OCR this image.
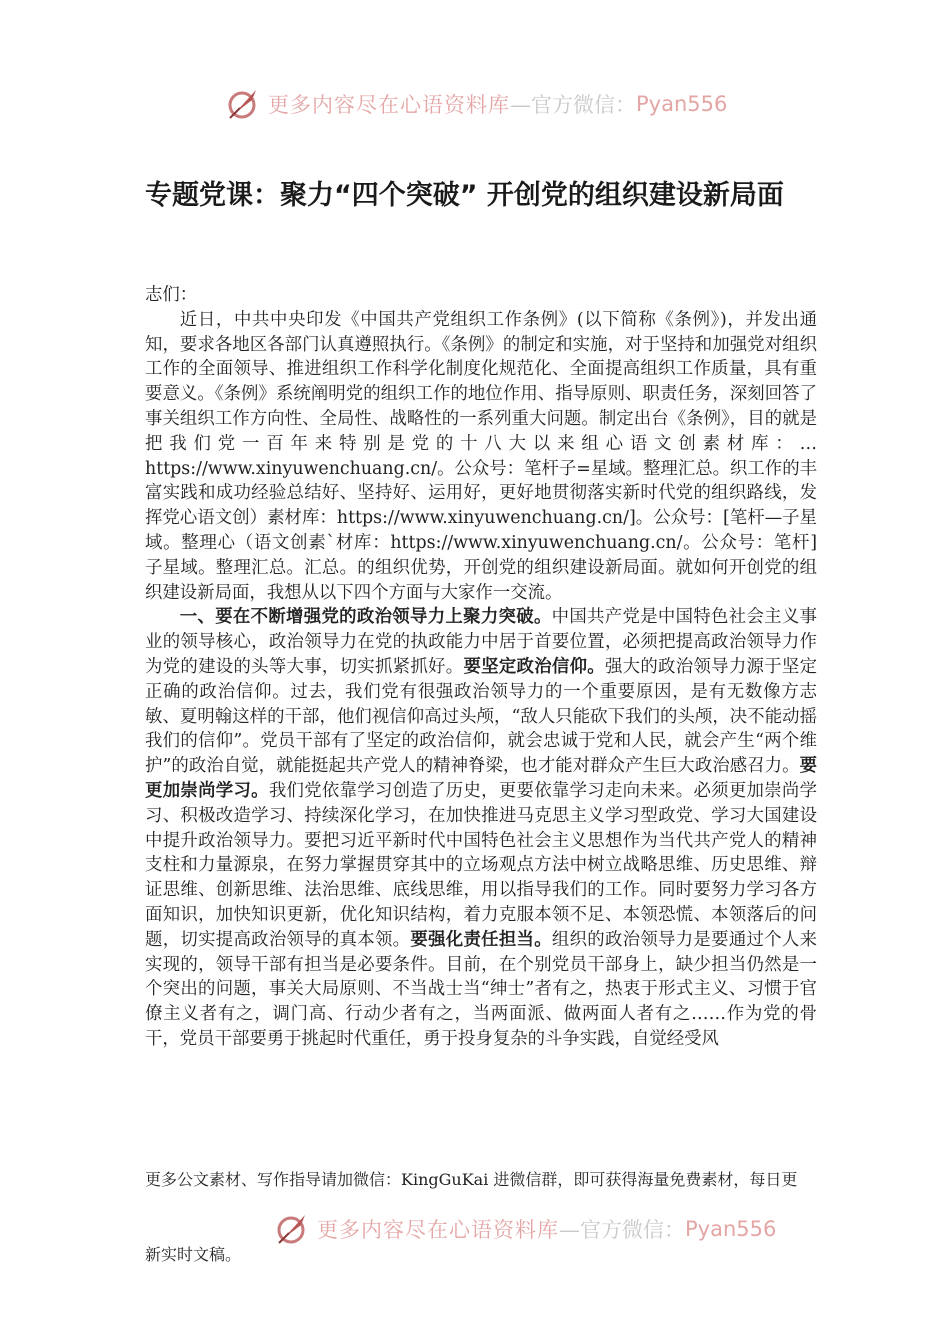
更多内容尽在心语资料库 —官方微信： Pyan556
专题党课：聚力“四个突破” 开创党的组织建设新局面

志们：

近日，中共中央印发《中国共产党组织工作条例》(以下简称《条例》)，并发出通知，要求各地区各部门认真遵照执行。《条例》的制定和实施，对于坚持和加强党对组织工作的全面领导、推进组织工作科学化制度化规范化、全面提高组织工作质量，具有重要意义。《条例》系统阐明党的组织工作的地位作用、指导原则、职责任务，深刻回答了事关组织工作方向性、全局性、战略性的一系列重大问题。制定出台《条例》，目的就是把我们党一百年来特别是党的十八大以来组心语文创素材库：…https://www.xinyuwenchuang.cn/。公众号：笔杆子=星域。整理汇总。织工作的丰富实践和成功经验总结好、坚持好、运用好，更好地贯彻落实新时代党的组织路线，发挥党心语文创）素材库：https://www.xinyuwenchuang.cn/]。公众号：[笔杆—子星域。整理心（语文创素`材库：https://www.xinyuwenchuang.cn/。公众号：笔杆]子星域。整理汇总。汇总。的组织优势，开创党的组织建设新局面。就如何开创党的组织建设新局面，我想从以下四个方面与大家作一交流。

一、要在不断增强党的政治领导力上聚力突破。中国共产党是中国特色社会主义事业的领导核心，政治领导力在党的执政能力中居于首要位置，必须把提高政治领导力作为党的建设的头等大事，切实抓紧抓好。要坚定政治信仰。强大的政治领导力源于坚定正确的政治信仰。过去，我们党有很强政治领导力的一个重要原因，是有无数像方志敏、夏明翰这样的干部，他们视信仰高过头颅，“敌人只能砍下我们的头颅，决不能动摇我们的信仰”。党员干部有了坚定的政治信仰，就会忠诚于党和人民，就会产生“两个维护”的政治自觉，就能挺起共产党人的精神脊梁，也才能对群众产生巨大政治感召力。要更加崇尚学习。我们党依靠学习创造了历史，更要依靠学习走向未来。必须更加崇尚学习、积极改造学习、持续深化学习，在加快推进马克思主义学习型政党、学习大国建设中提升政治领导力。要把习近平新时代中国特色社会主义思想作为当代共产党人的精神支柱和力量源泉，在努力掌握贯穿其中的立场观点方法中树立战略思维、历史思维、辩证思维、创新思维、法治思维、底线思维，用以指导我们的工作。同时要努力学习各方面知识，加快知识更新，优化知识结构，着力克服本领不足、本领恐慌、本领落后的问题，切实提高政治领导的真本领。要强化责任担当。组织的政治领导力是要通过个人来实现的，领导干部有担当是必要条件。目前，在个别党员干部身上，缺少担当仍然是一个突出的问题，事关大局原则、不当战士当“绅士”者有之，热衷于形式主义、习惯于官僚主义者有之，调门高、行动少者有之，当两面派、做两面人者有之……作为党的骨干，党员干部要勇于挑起时代重任，勇于投身复杂的斗争实践，自觉经受风

更多公文素材、写作指导请加微信：KingGuKai 进微信群，即可获得海量免费素材，每日更
更多内容尽在心语资料库 —官方微信： Pyan556
新实时文稿。
